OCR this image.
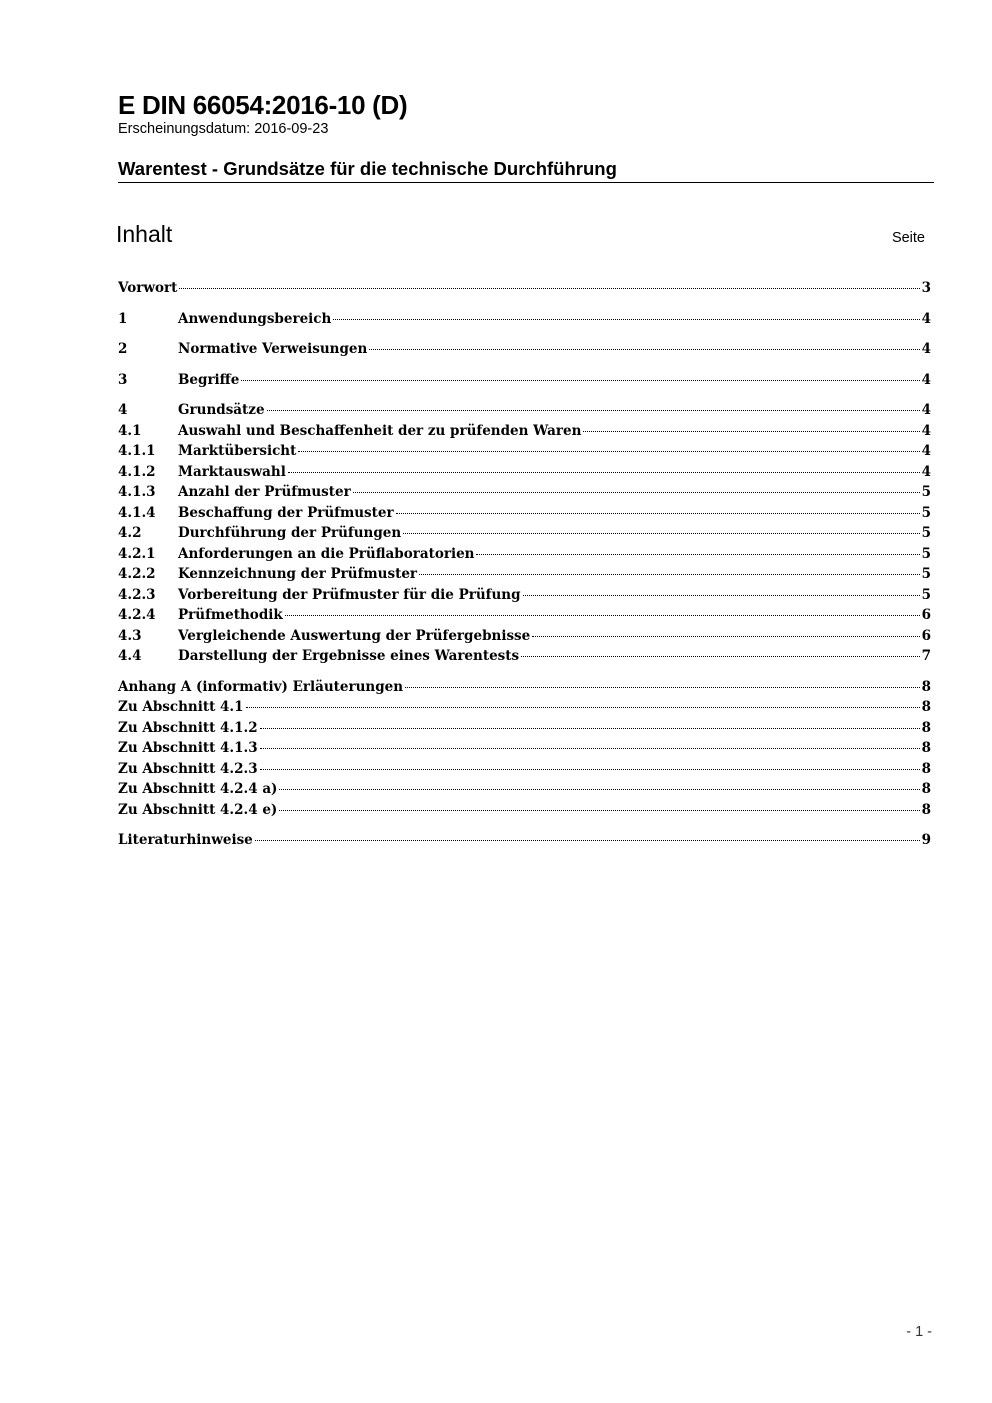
E DIN 66054:2016-10 (D)
Erscheinungsdatum: 2016-09-23
Warentest - Grundsätze für die technische Durchführung
Inhalt	Seite
Vorwort	3
1	Anwendungsbereich	4
2	Normative Verweisungen	4
3	Begriffe	4
4	Grundsätze	4
4.1	Auswahl und Beschaffenheit der zu prüfenden Waren	4
4.1.1	Marktübersicht	4
4.1.2	Marktauswahl	4
4.1.3	Anzahl der Prüfmuster	5
4.1.4	Beschaffung der Prüfmuster	5
4.2	Durchführung der Prüfungen	5
4.2.1	Anforderungen an die Prüflaboratorien	5
4.2.2	Kennzeichnung der Prüfmuster	5
4.2.3	Vorbereitung der Prüfmuster für die Prüfung	5
4.2.4	Prüfmethodik	6
4.3	Vergleichende Auswertung der Prüfergebnisse	6
4.4	Darstellung der Ergebnisse eines Warentests	7
Anhang A (informativ) Erläuterungen	8
Zu Abschnitt 4.1	8
Zu Abschnitt 4.1.2	8
Zu Abschnitt 4.1.3	8
Zu Abschnitt 4.2.3	8
Zu Abschnitt 4.2.4 a)	8
Zu Abschnitt 4.2.4 e)	8
Literaturhinweise	9
- 1 -
